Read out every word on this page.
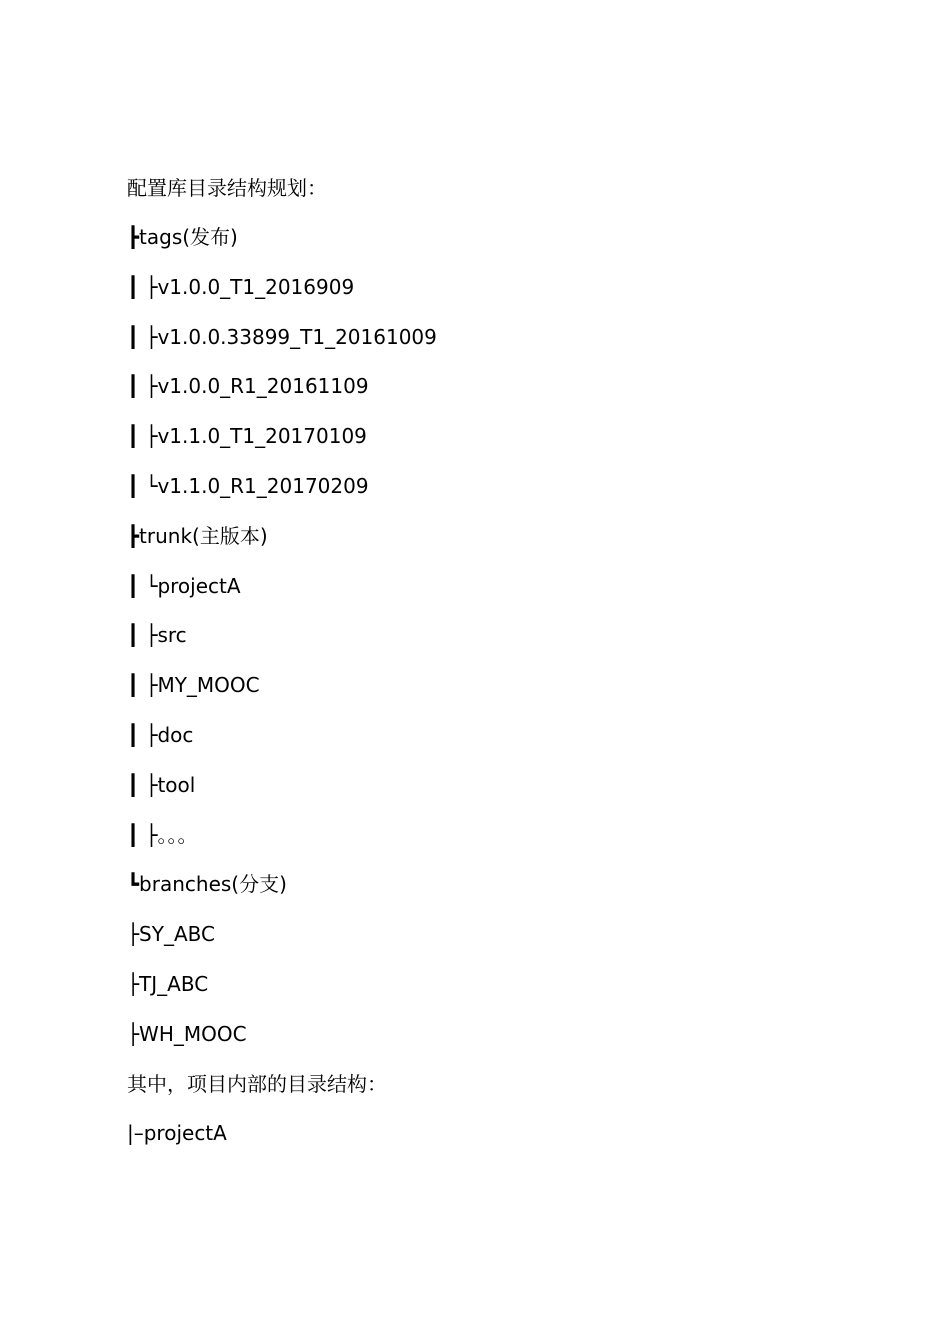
配置库目录结构规划：
┣tags(发布)
┃ ├v1.0.0_T1_2016909
┃ ├v1.0.0.33899_T1_20161009
┃ ├v1.0.0_R1_20161109
┃ ├v1.1.0_T1_20170109
┃ └v1.1.0_R1_20170209
┣trunk(主版本)
┃ └projectA
┃ ├src
┃ ├MY_MOOC
┃ ├doc
┃ ├tool
┃ ├。。。
┗branches(分支)
├SY_ABC
├TJ_ABC
├WH_MOOC
其中，项目内部的目录结构：
|–projectA
